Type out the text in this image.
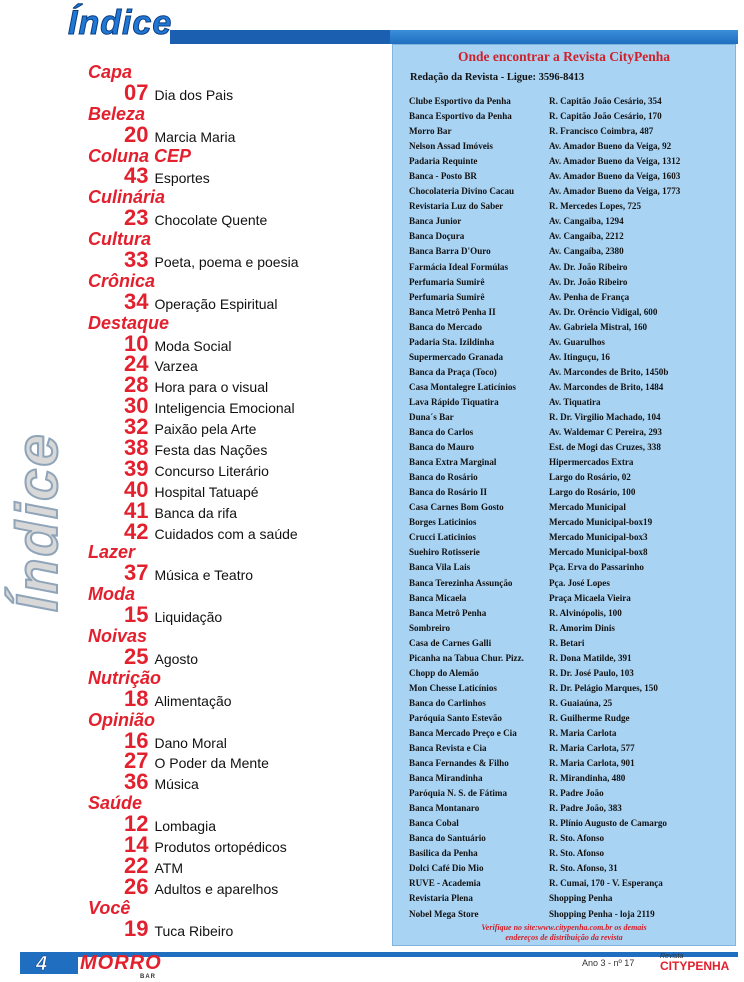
Índice
Índice
Capa
07 Dia dos Pais
Beleza
20 Marcia Maria
Coluna CEP
43 Esportes
Culinária
23 Chocolate Quente
Cultura
33 Poeta, poema e poesia
Crônica
34 Operação Espiritual
Destaque
10 Moda Social
24 Varzea
28 Hora para o visual
30 Inteligencia Emocional
32 Paixão pela Arte
38 Festa das Nações
39 Concurso Literário
40 Hospital Tatuapé
41 Banca da rifa
42 Cuidados com a saúde
Lazer
37 Música e Teatro
Moda
15 Liquidação
Noivas
25 Agosto
Nutrição
18 Alimentação
Opinião
16 Dano Moral
27 O Poder da Mente
36 Música
Saúde
12 Lombagia
14 Produtos ortopédicos
22 ATM
26 Adultos e aparelhos
Você
19 Tuca Ribeiro
Onde encontrar a Revista CityPenha
Redação da Revista - Ligue: 3596-8413
Clube Esportivo da Penha	R. Capitão João Cesário, 354
Banca Esportivo da Penha	R. Capitão João Cesário, 170
Morro Bar	R. Francisco Coimbra, 487
Nelson Assad Imóveis	Av. Amador Bueno da Veiga, 92
Padaria Requinte	Av. Amador Bueno da Veiga, 1312
Banca - Posto BR	Av. Amador Bueno da Veiga, 1603
Chocolateria Divino Cacau	Av. Amador Bueno da Veiga, 1773
Revistaria Luz do Saber	R. Mercedes Lopes, 725
Banca Junior	Av. Cangaiba, 1294
Banca Doçura	Av. Cangaíba, 2212
Banca Barra D'Ouro	Av. Cangaíba, 2380
Farmácia Ideal Formúlas	Av. Dr. João Ribeiro
Perfumaria Sumirê	Av. Dr. João Ribeiro
Perfumaria Sumirê	Av. Penha de França
Banca Metrô Penha II	Av. Dr. Orêncio Vidigal, 600
Banca do Mercado	Av. Gabriela Mistral, 160
Padaria Sta. Izildinha	Av. Guarulhos
Supermercado Granada	Av. Itinguçu, 16
Banca da Praça (Toco)	Av. Marcondes de Brito, 1450b
Casa Montalegre Laticínios	Av. Marcondes de Brito, 1484
Lava Rápido Tiquatira	Av. Tiquatira
Duna´s Bar	R. Dr. Virgilio Machado, 104
Banca do Carlos	Av. Waldemar C Pereira, 293
Banca do Mauro	Est. de Mogi das Cruzes, 338
Banca Extra Marginal	Hipermercados Extra
Banca do Rosário	Largo do Rosário, 02
Banca do Rosário II	Largo do Rosário, 100
Casa Carnes Bom Gosto	Mercado Municipal
Borges Laticinios	Mercado Municipal-box19
Crucci Laticinios	Mercado Municipal-box3
Suehiro Rotisserie	Mercado Municipal-box8
Banca Vila Lais	Pça. Erva do Passarinho
Banca Terezinha Assunção	Pça. José Lopes
Banca Micaela	Praça Micaela Vieira
Banca Metrô Penha	R. Alvinópolis, 100
Sombreiro	R. Amorim Dinis
Casa de Carnes Galli	R. Betari
Picanha na Tabua Chur. Pizz.	R. Dona Matilde, 391
Chopp do Alemão	R. Dr. José Paulo, 103
Mon Chesse Laticínios	R. Dr. Pelágio Marques, 150
Banca do Carlinhos	R. Guaiaúna, 25
Paróquia Santo Estevão	R. Guilherme Rudge
Banca Mercado Preço e Cia	R. Maria Carlota
Banca Revista e Cia	R. Maria Carlota, 577
Banca Fernandes & Filho	R. Maria Carlota, 901
Banca Mirandinha	R. Mirandinha, 480
Paróquia N. S. de Fátima	R. Padre João
Banca Montanaro	R. Padre João, 383
Banca Cobal	R. Plínio Augusto de Camargo
Banca do Santuário	R. Sto. Afonso
Basilica da Penha	R. Sto. Afonso
Dolci Café Dio Mio	R. Sto. Afonso, 31
RUVE - Academia	R. Cumai, 170 - V. Esperança
Revistaria Plena	Shopping Penha
Nobel Mega Store	Shopping Penha - loja 2119
Verifique no site:www.citypenha.com.br os demais
endereços de distribuição da revista
4 MORRO
BAR
Ano 3 - nº 17
Revista
CITYPENHA
